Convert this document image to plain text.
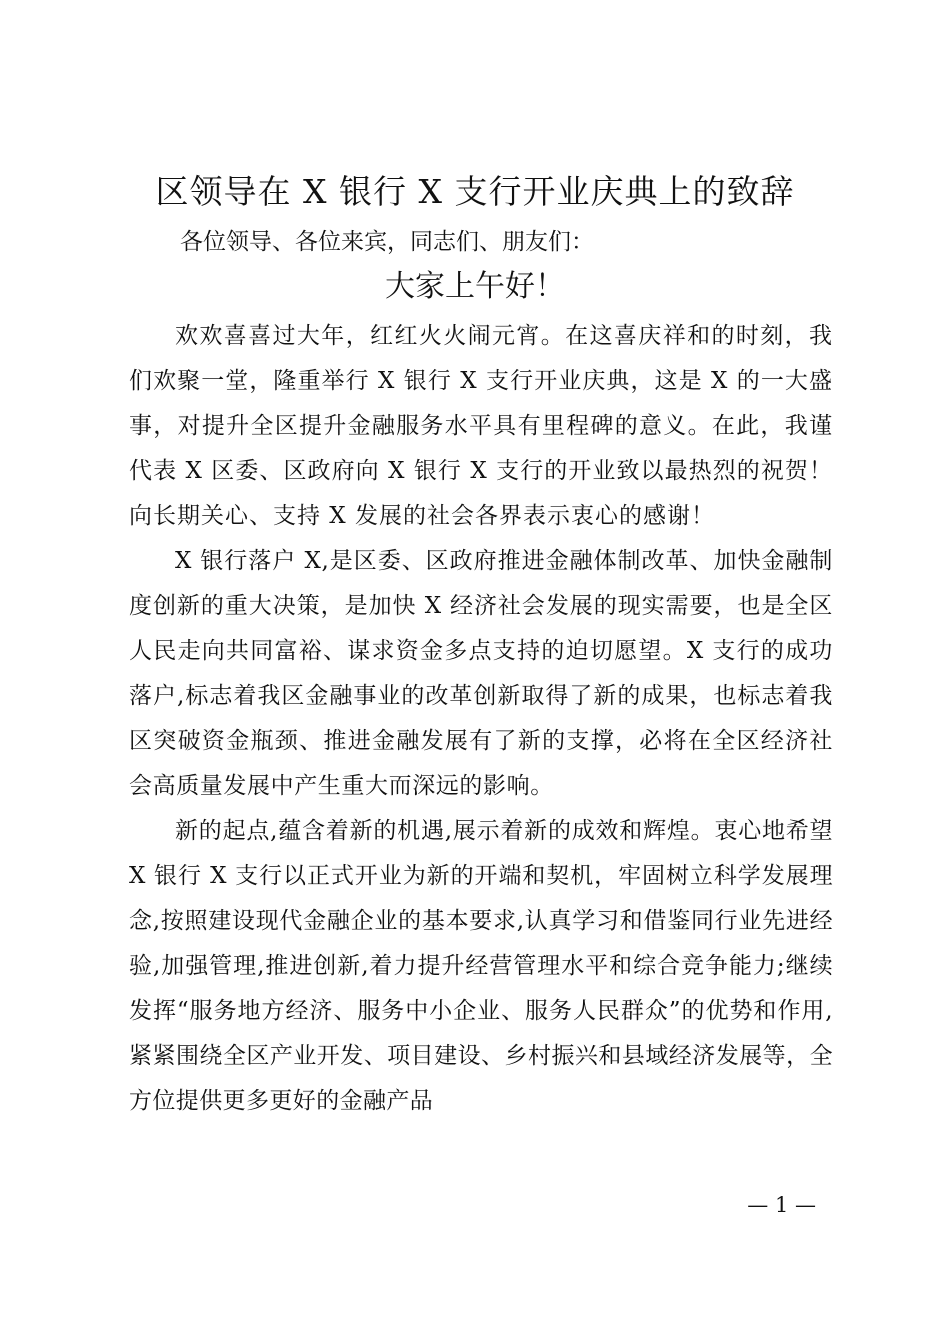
区领导在 X 银行 X 支行开业庆典上的致辞
各位领导、各位来宾，同志们、朋友们：
大家上午好！

欢欢喜喜过大年，红红火火闹元宵。在这喜庆祥和的时刻，我们欢聚一堂，隆重举行 X 银行 X 支行开业庆典，这是 X 的一大盛事，对提升全区提升金融服务水平具有里程碑的意义。在此，我谨代表 X 区委、区政府向 X 银行 X 支行的开业致以最热烈的祝贺！向长期关心、支持 X 发展的社会各界表示衷心的感谢！

X 银行落户 X,是区委、区政府推进金融体制改革、加快金融制度创新的重大决策，是加快 X 经济社会发展的现实需要，也是全区人民走向共同富裕、谋求资金多点支持的迫切愿望。X 支行的成功落户,标志着我区金融事业的改革创新取得了新的成果，也标志着我区突破资金瓶颈、推进金融发展有了新的支撑，必将在全区经济社会高质量发展中产生重大而深远的影响。

新的起点,蕴含着新的机遇,展示着新的成效和辉煌。衷心地希望 X 银行 X 支行以正式开业为新的开端和契机，牢固树立科学发展理念,按照建设现代金融企业的基本要求,认真学习和借鉴同行业先进经验,加强管理,推进创新,着力提升经营管理水平和综合竞争能力;继续发挥“服务地方经济、服务中小企业、服务人民群众”的优势和作用,紧紧围绕全区产业开发、项目建设、乡村振兴和县域经济发展等，全方位提供更多更好的金融产品

— 1 —
